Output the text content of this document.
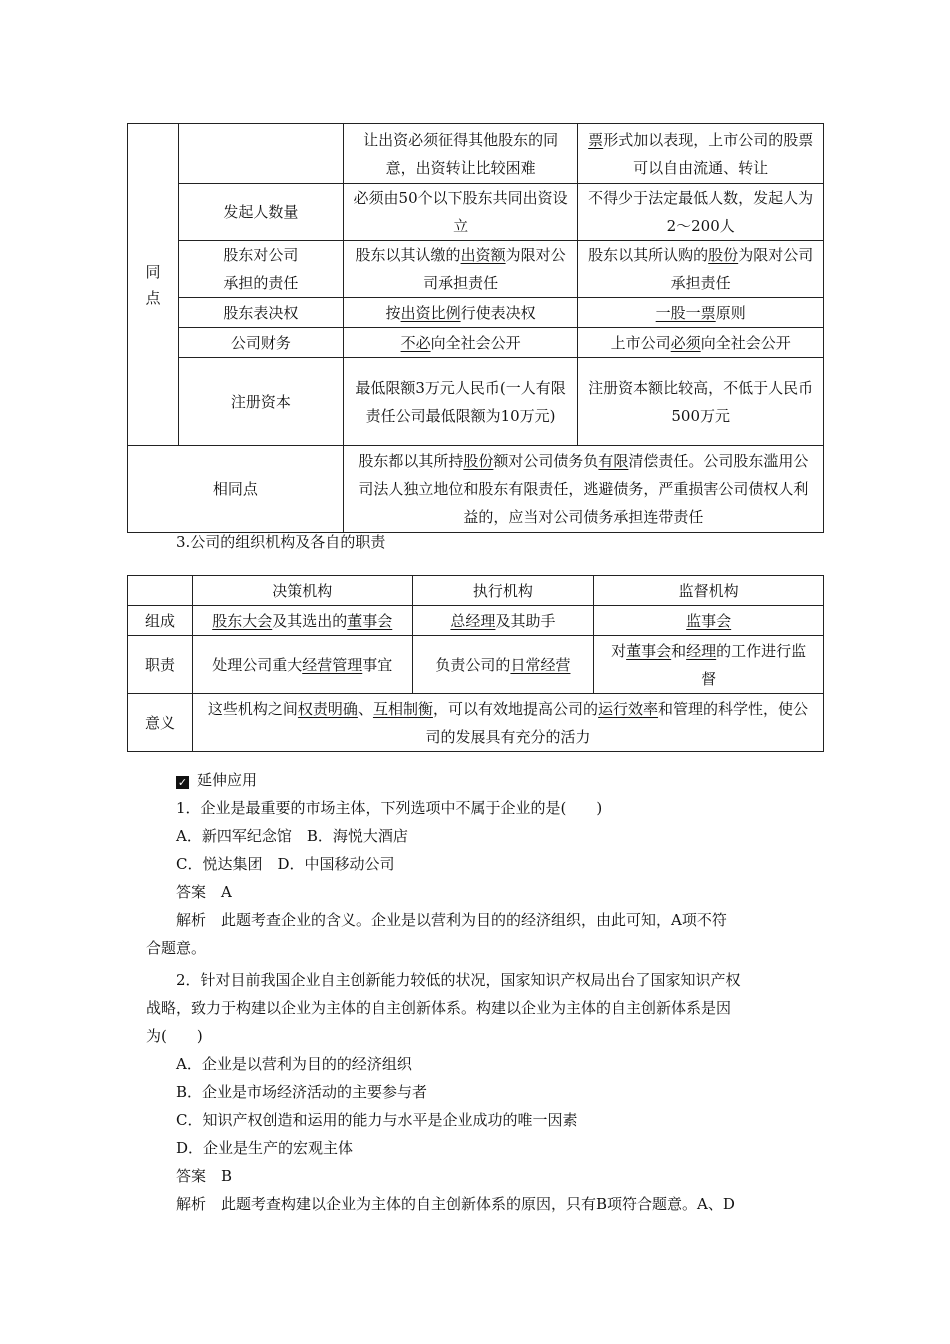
同
点		让出资必须征得其他股东的同意，出资转让比较困难	票形式加以表现，上市公司的股票可以自由流通、转让
	发起人数量	必须由50个以下股东共同出资设立	不得少于法定最低人数，发起人为2～200人
	股东对公司承担的责任	股东以其认缴的出资额为限对公司承担责任	股东以其所认购的股份为限对公司承担责任
	股东表决权	按出资比例行使表决权	一股一票原则
	公司财务	不必向全社会公开	上市公司必须向全社会公开
	注册资本	最低限额3万元人民币(一人有限责任公司最低限额为10万元)	注册资本额比较高，不低于人民币500万元
相同点		股东都以其所持股份额对公司债务负有限清偿责任。公司股东滥用公司法人独立地位和股东有限责任，逃避债务，严重损害公司债权人利益的，应当对公司债务承担连带责任	
3.公司的组织机构及各自的职责
	决策机构	执行机构	监督机构
组成	股东大会及其选出的董事会	总经理及其助手	监事会
职责	处理公司重大经营管理事宜	负责公司的日常经营	对董事会和经理的工作进行监督
意义	这些机构之间权责明确、互相制衡，可以有效地提高公司的运行效率和管理的科学性，使公司的发展具有充分的活力		
✓ 延伸应用
1．企业是最重要的市场主体，下列选项中不属于企业的是(　　)
A．新四军纪念馆　B．海悦大酒店
C．悦达集团　D．中国移动公司
答案　A
解析　此题考查企业的含义。企业是以营利为目的的经济组织，由此可知，A项不符
合题意。
2．针对目前我国企业自主创新能力较低的状况，国家知识产权局出台了国家知识产权
战略，致力于构建以企业为主体的自主创新体系。构建以企业为主体的自主创新体系是因
为(　　)
A．企业是以营利为目的的经济组织
B．企业是市场经济活动的主要参与者
C．知识产权创造和运用的能力与水平是企业成功的唯一因素
D．企业是生产的宏观主体
答案　B
解析　此题考查构建以企业为主体的自主创新体系的原因，只有B项符合题意。A、D
